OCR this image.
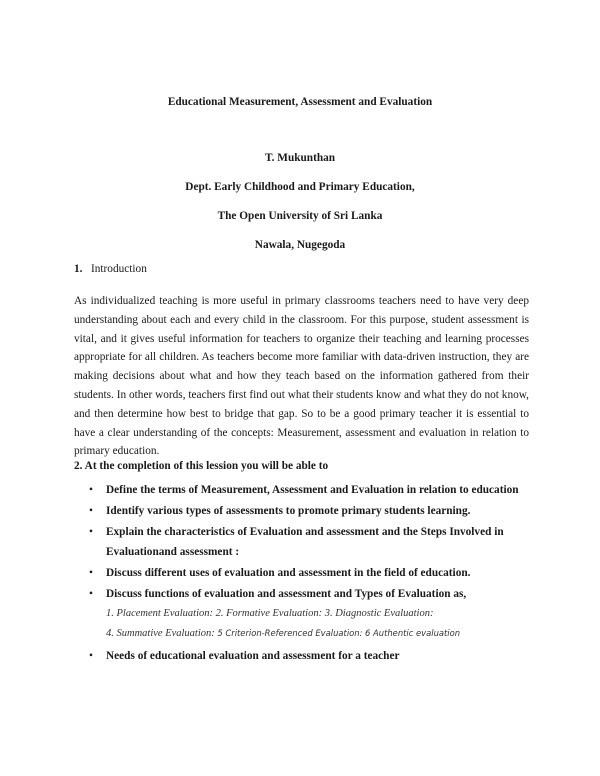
Educational Measurement, Assessment and Evaluation
T. Mukunthan
Dept. Early Childhood and Primary Education,
The Open University of Sri Lanka
Nawala, Nugegoda
1. Introduction
As individualized teaching is more useful in primary classrooms teachers need to have very deep understanding about each and every child in the classroom. For this purpose, student assessment is vital, and it gives useful information for teachers to organize their teaching and learning processes appropriate for all children. As teachers become more familiar with data-driven instruction, they are making decisions about what and how they teach based on the information gathered from their students. In other words, teachers first find out what their students know and what they do not know, and then determine how best to bridge that gap. So to be a good primary teacher it is essential to have a clear understanding of the concepts: Measurement, assessment and evaluation in relation to primary education.
2. At the completion of this lession you will be able to
• Define the terms of Measurement, Assessment and Evaluation in relation to education
• Identify various types of assessments to promote primary students learning.
• Explain the characteristics of Evaluation and assessment and the Steps Involved in Evaluationand assessment :
• Discuss different uses of evaluation and assessment in the field of education.
• Discuss functions of evaluation and assessment and Types of Evaluation as,
1. Placement Evaluation: 2. Formative Evaluation: 3. Diagnostic Evaluation:
4. Summative Evaluation: 5 Criterion-Referenced Evaluation: 6 Authentic evaluation
• Needs of educational evaluation and assessment for a teacher
